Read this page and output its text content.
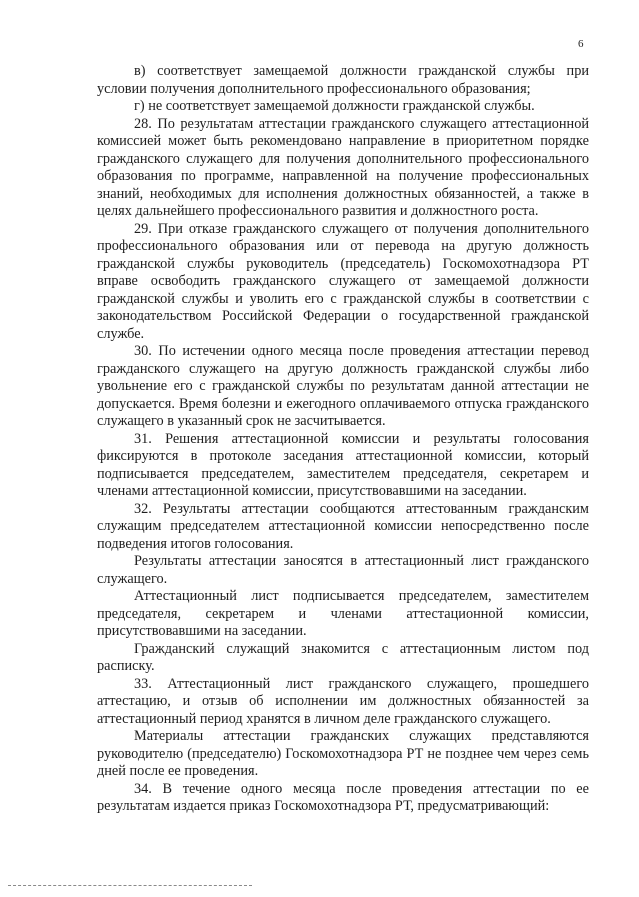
6

в) соответствует замещаемой должности гражданской службы при условии получения дополнительного профессионального образования;

г) не соответствует замещаемой должности гражданской службы.

28. По результатам аттестации гражданского служащего аттестационной комиссией может быть рекомендовано направление в приоритетном порядке гражданского служащего для получения дополнительного профессионального образования по программе, направленной на получение профессиональных знаний, необходимых для исполнения должностных обязанностей, а также в целях дальнейшего профессионального развития и должностного роста.

29. При отказе гражданского служащего от получения дополнительного профессионального образования или от перевода на другую должность гражданской службы руководитель (председатель) Госкомохотнадзора РТ вправе освободить гражданского служащего от замещаемой должности гражданской службы и уволить его с гражданской службы в соответствии с законодательством Российской Федерации о государственной гражданской службе.

30. По истечении одного месяца после проведения аттестации перевод гражданского служащего на другую должность гражданской службы либо увольнение его с гражданской службы по результатам данной аттестации не допускается. Время болезни и ежегодного оплачиваемого отпуска гражданского служащего в указанный срок не засчитывается.

31. Решения аттестационной комиссии и результаты голосования фиксируются в протоколе заседания аттестационной комиссии, который подписывается председателем, заместителем председателя, секретарем и членами аттестационной комиссии, присутствовавшими на заседании.

32. Результаты аттестации сообщаются аттестованным гражданским служащим председателем аттестационной комиссии непосредственно после подведения итогов голосования.

Результаты аттестации заносятся в аттестационный лист гражданского служащего.

Аттестационный лист подписывается председателем, заместителем председателя, секретарем и членами аттестационной комиссии, присутствовавшими на заседании.

Гражданский служащий знакомится с аттестационным листом под расписку.

33. Аттестационный лист гражданского служащего, прошедшего аттестацию, и отзыв об исполнении им должностных обязанностей за аттестационный период хранятся в личном деле гражданского служащего.

Материалы аттестации гражданских служащих представляются руководителю (председателю) Госкомохотнадзора РТ не позднее чем через семь дней после ее проведения.

34. В течение одного месяца после проведения аттестации по ее результатам издается приказ Госкомохотнадзора РТ, предусматривающий:
